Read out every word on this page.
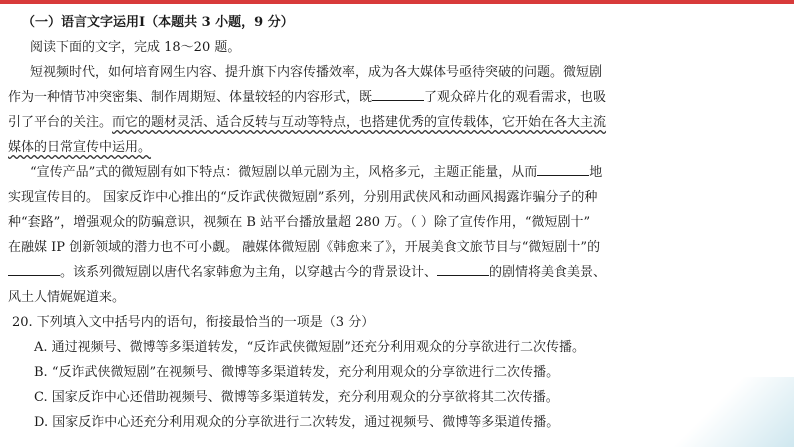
（一）语言文字运用Ⅰ（本题共 3 小题，9 分）
阅读下面的文字，完成 18～20 题。
短视频时代，如何培育网生内容、提升旗下内容传播效率，成为各大媒体号亟待突破的问题。微短剧
作为一种情节冲突密集、制作周期短、体量较轻的内容形式，既	了观众碎片化的观看需求，也吸
引了平台的关注。而它的题材灵活、适合反转与互动等特点，也搭建优秀的宣传载体，它开始在各大主流
媒体的日常宣传中运用。
“宣传产品”式的微短剧有如下特点：微短剧以单元剧为主，风格多元，主题正能量，从而	地
实现宣传目的。 国家反诈中心推出的“反诈武侠微短剧”系列，分别用武侠风和动画风揭露诈骗分子的种
种“套路”，增强观众的防骗意识，视频在 B 站平台播放量超 280 万。（ ）除了宣传作用，“微短剧十”
在融媒 IP 创新领域的潜力也不可小觑。 融媒体微短剧《韩愈来了》，开展美食文旅节目与“微短剧十”的
。该系列微短剧以唐代名家韩愈为主角，以穿越古今的背景设计、	的剧情将美食美景、
风土人情娓娓道来。
20. 下列填入文中括号内的语句，衔接最恰当的一项是（3 分）
A. 通过视频号、微博等多渠道转发，“反诈武侠微短剧”还充分利用观众的分享欲进行二次传播。
B. “反诈武侠微短剧”在视频号、微博等多渠道转发，充分利用观众的分享欲进行二次传播。
C. 国家反诈中心还借助视频号、微博等多渠道转发，充分利用观众的分享欲将其二次传播。
D. 国家反诈中心还充分利用观众的分享欲进行二次转发，通过视频号、微博等多渠道传播。
